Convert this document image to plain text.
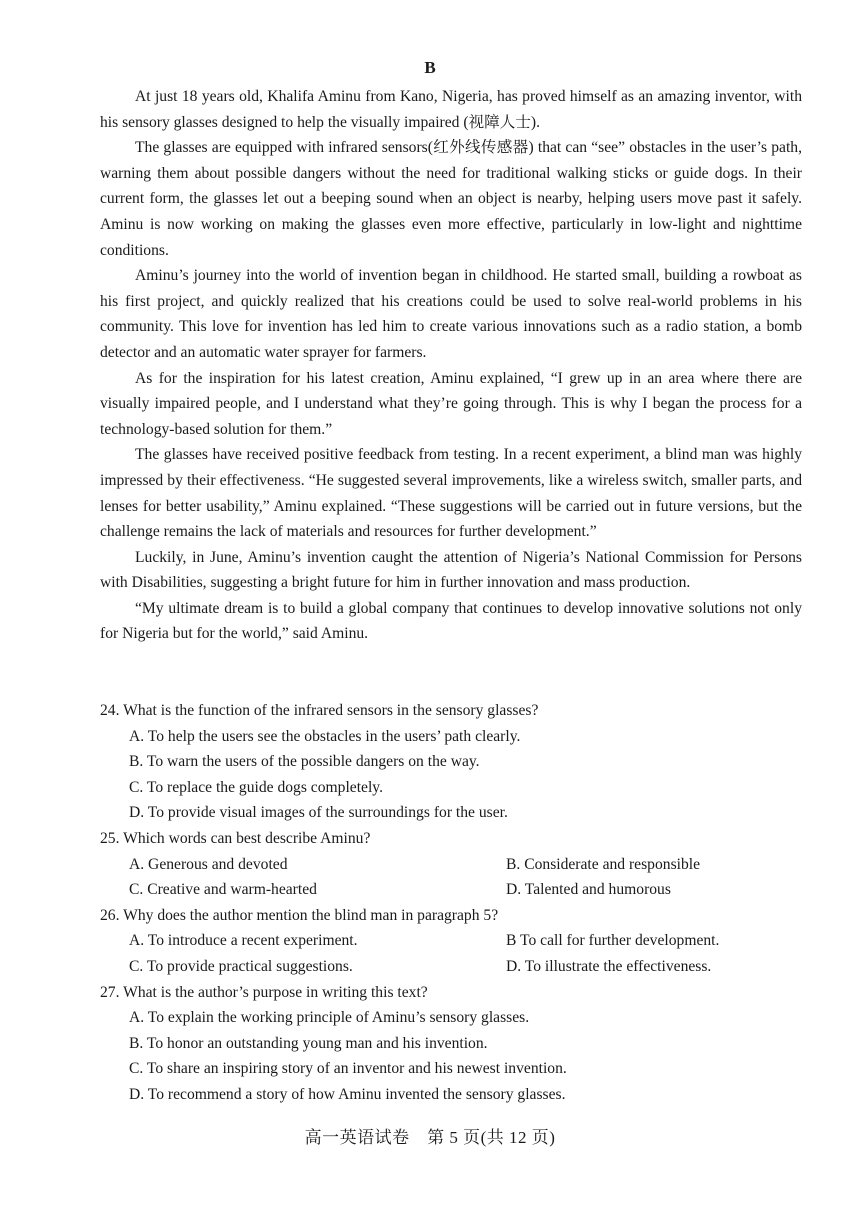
B

At just 18 years old, Khalifa Aminu from Kano, Nigeria, has proved himself as an amazing inventor, with his sensory glasses designed to help the visually impaired (视障人士).

The glasses are equipped with infrared sensors(红外线传感器) that can “see” obstacles in the user’s path, warning them about possible dangers without the need for traditional walking sticks or guide dogs. In their current form, the glasses let out a beeping sound when an object is nearby, helping users move past it safely. Aminu is now working on making the glasses even more effective, particularly in low-light and nighttime conditions.

Aminu’s journey into the world of invention began in childhood. He started small, building a rowboat as his first project, and quickly realized that his creations could be used to solve real-world problems in his community. This love for invention has led him to create various innovations such as a radio station, a bomb detector and an automatic water sprayer for farmers.

As for the inspiration for his latest creation, Aminu explained, “I grew up in an area where there are visually impaired people, and I understand what they’re going through. This is why I began the process for a technology-based solution for them.”

The glasses have received positive feedback from testing. In a recent experiment, a blind man was highly impressed by their effectiveness. “He suggested several improvements, like a wireless switch, smaller parts, and lenses for better usability,” Aminu explained. “These suggestions will be carried out in future versions, but the challenge remains the lack of materials and resources for further development.”

Luckily, in June, Aminu’s invention caught the attention of Nigeria’s National Commission for Persons with Disabilities, suggesting a bright future for him in further innovation and mass production.

“My ultimate dream is to build a global company that continues to develop innovative solutions not only for Nigeria but for the world,” said Aminu.

24. What is the function of the infrared sensors in the sensory glasses?

A. To help the users see the obstacles in the users’ path clearly.

B. To warn the users of the possible dangers on the way.

C. To replace the guide dogs completely.

D. To provide visual images of the surroundings for the user.

25. Which words can best describe Aminu?

A. Generous and devoted	B. Considerate and responsible
C. Creative and warm-hearted	D. Talented and humorous

26. Why does the author mention the blind man in paragraph 5?

A. To introduce a recent experiment.	B To call for further development.
C. To provide practical suggestions.	D. To illustrate the effectiveness.

27. What is the author’s purpose in writing this text?

A. To explain the working principle of Aminu’s sensory glasses.

B. To honor an outstanding young man and his invention.

C. To share an inspiring story of an inventor and his newest invention.

D. To recommend a story of how Aminu invented the sensory glasses.

高一英语试卷　第 5 页(共 12 页)
